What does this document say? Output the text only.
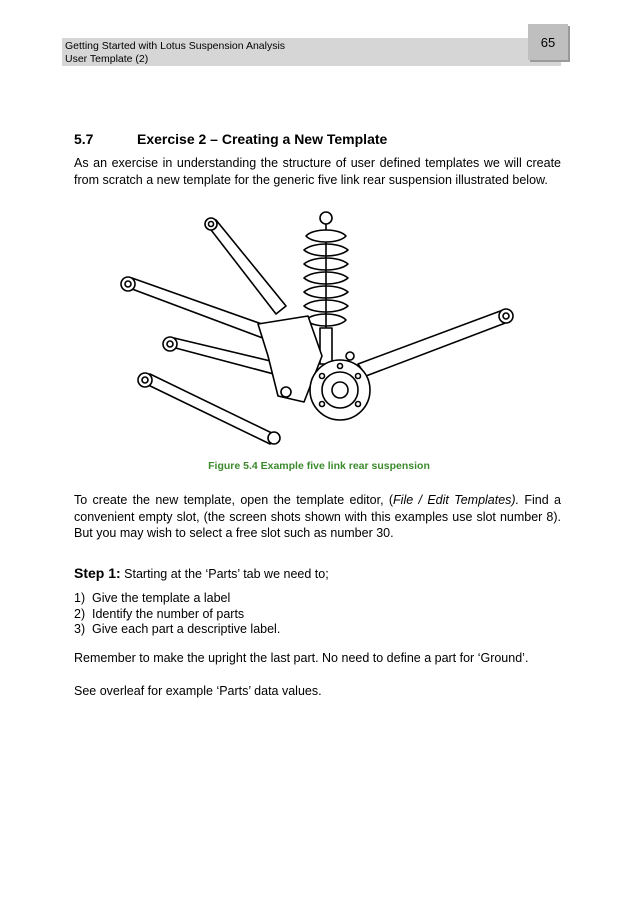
Getting Started with Lotus Suspension Analysis
User Template (2)
65
5.7	Exercise 2 – Creating a New Template

As an exercise in understanding the structure of user defined templates we will create from scratch a new template for the generic five link rear suspension illustrated below.

Figure 5.4 Example five link rear suspension

To create the new template, open the template editor, (File / Edit Templates). Find a convenient empty slot, (the screen shots shown with this examples use slot number 8). But you may wish to select a free slot such as number 30.

Step 1: Starting at the ‘Parts’ tab we need to;
1) Give the template a label
2) Identify the number of parts
3) Give each part a descriptive label.

Remember to make the upright the last part. No need to define a part for ‘Ground’.

See overleaf for example ‘Parts’ data values.
